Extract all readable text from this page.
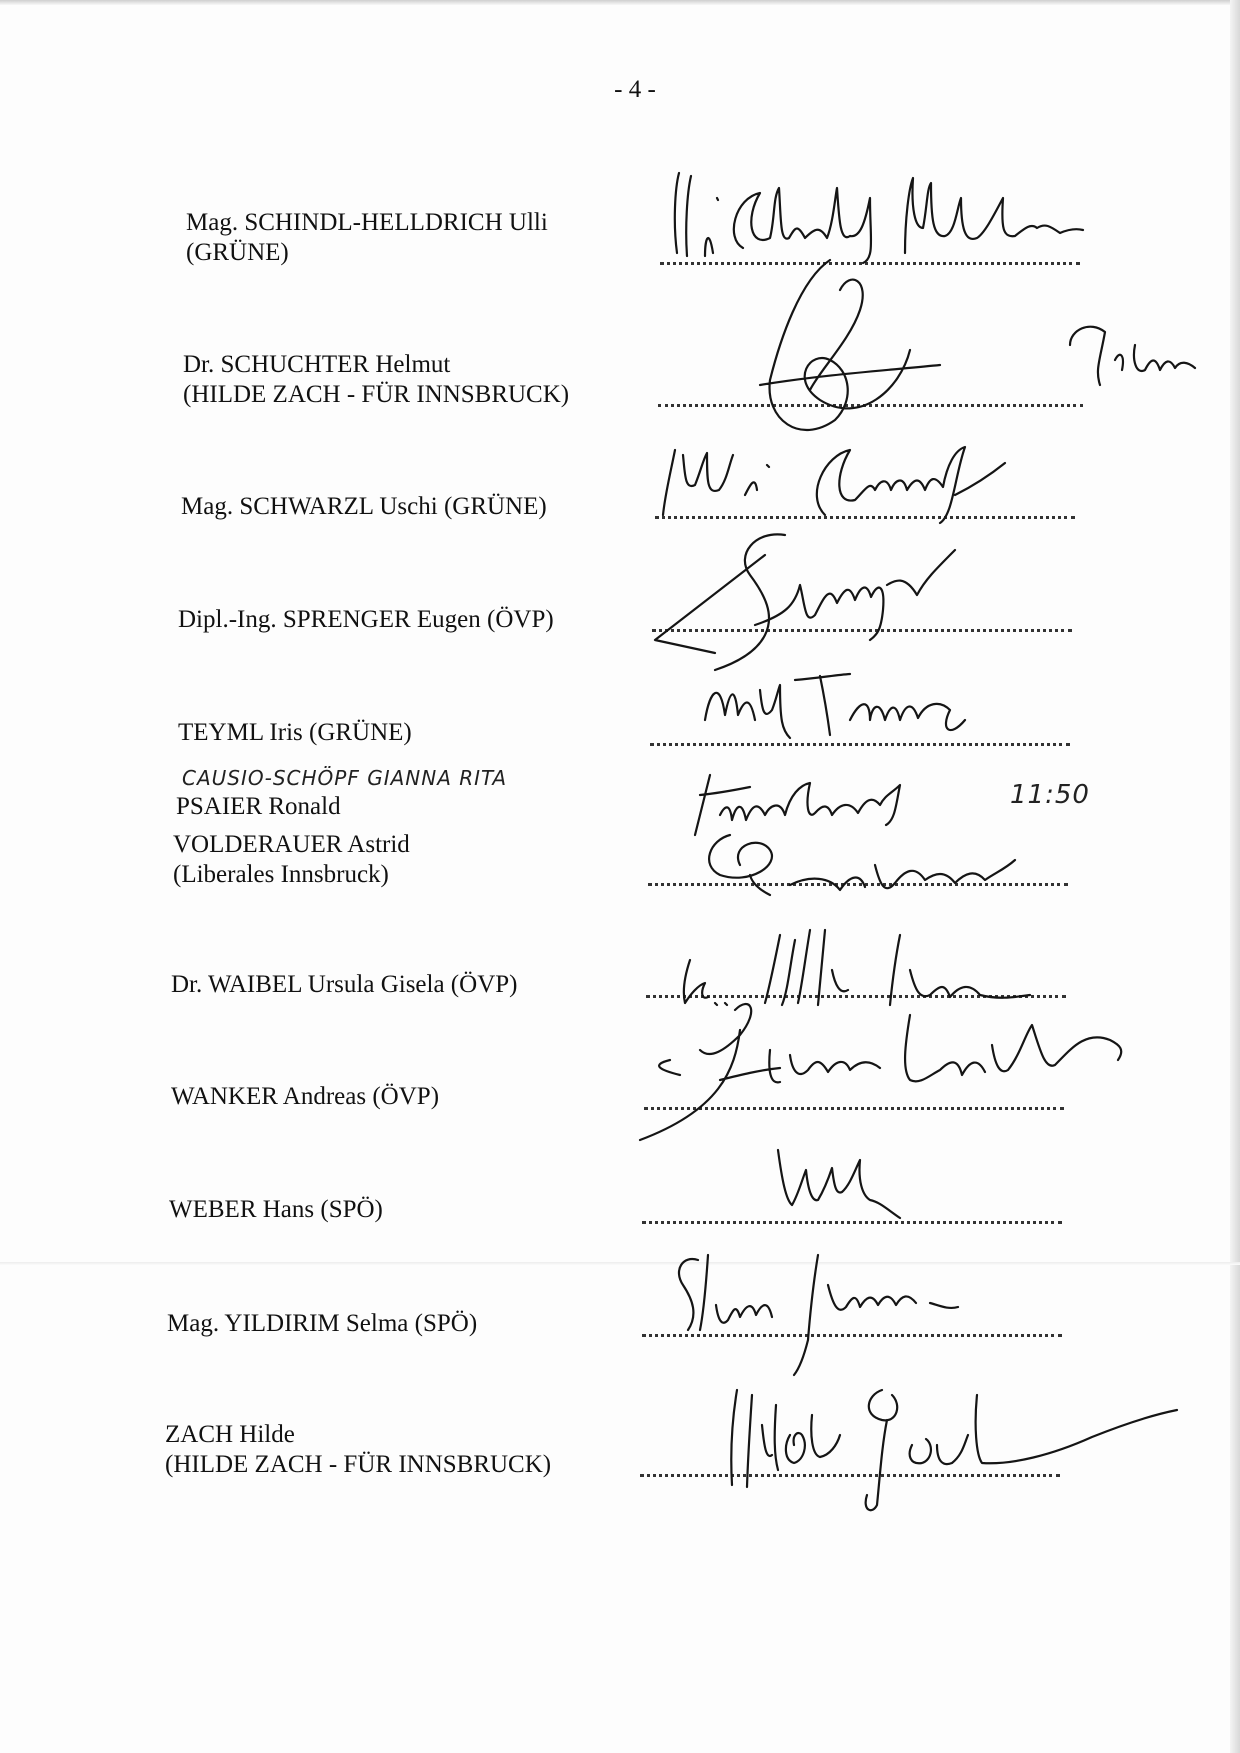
- 4 -
Mag. SCHINDL-HELLDRICH Ulli
(GRÜNE)
Dr. SCHUCHTER Helmut
(HILDE ZACH - FÜR INNSBRUCK)
Mag. SCHWARZL Uschi (GRÜNE)
Dipl.-Ing. SPRENGER Eugen (ÖVP)
TEYML Iris (GRÜNE)
CAUSIO-SCHÖPF GIANNA RITA
PSAIER Ronald
VOLDERAUER Astrid
(Liberales Innsbruck)
11:50
Dr. WAIBEL Ursula Gisela (ÖVP)
WANKER Andreas (ÖVP)
WEBER Hans (SPÖ)
Mag. YILDIRIM Selma (SPÖ)
ZACH Hilde
(HILDE ZACH - FÜR INNSBRUCK)
